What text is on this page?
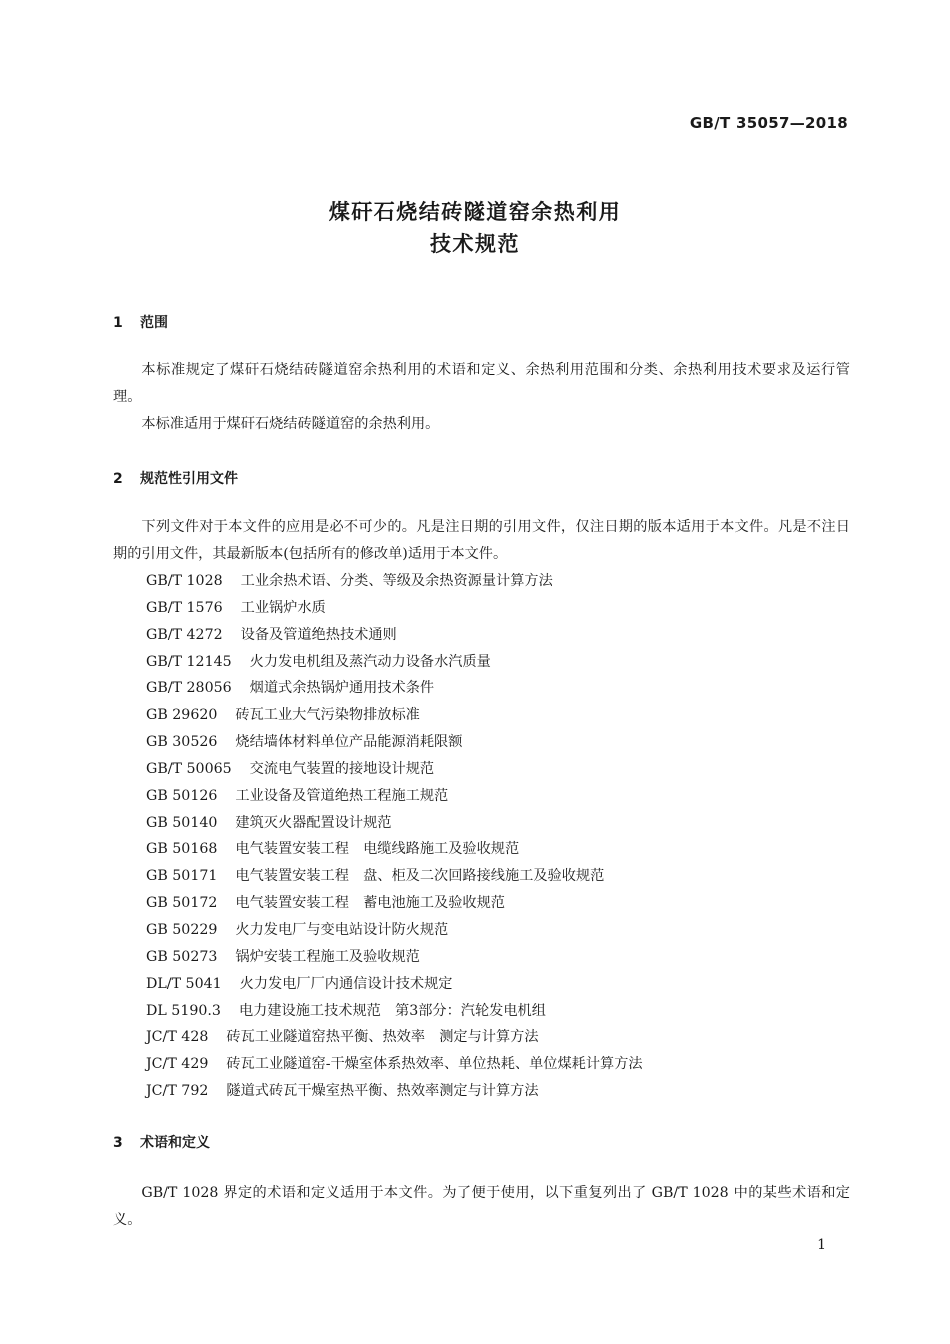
GB/T 35057—2018
煤矸石烧结砖隧道窑余热利用
技术规范
1 范围

本标准规定了煤矸石烧结砖隧道窑余热利用的术语和定义、余热利用范围和分类、余热利用技术要求及运行管理。

本标准适用于煤矸石烧结砖隧道窑的余热利用。

2 规范性引用文件

下列文件对于本文件的应用是必不可少的。凡是注日期的引用文件，仅注日期的版本适用于本文件。凡是不注日期的引用文件，其最新版本(包括所有的修改单)适用于本文件。

GB/T 1028 工业余热术语、分类、等级及余热资源量计算方法
GB/T 1576 工业锅炉水质
GB/T 4272 设备及管道绝热技术通则
GB/T 12145 火力发电机组及蒸汽动力设备水汽质量
GB/T 28056 烟道式余热锅炉通用技术条件
GB 29620 砖瓦工业大气污染物排放标准
GB 30526 烧结墙体材料单位产品能源消耗限额
GB/T 50065 交流电气装置的接地设计规范
GB 50126 工业设备及管道绝热工程施工规范
GB 50140 建筑灭火器配置设计规范
GB 50168 电气装置安装工程　电缆线路施工及验收规范
GB 50171 电气装置安装工程　盘、柜及二次回路接线施工及验收规范
GB 50172 电气装置安装工程　蓄电池施工及验收规范
GB 50229 火力发电厂与变电站设计防火规范
GB 50273 锅炉安装工程施工及验收规范
DL/T 5041 火力发电厂厂内通信设计技术规定
DL 5190.3 电力建设施工技术规范　第3部分：汽轮发电机组
JC/T 428 砖瓦工业隧道窑热平衡、热效率　测定与计算方法
JC/T 429 砖瓦工业隧道窑-干燥室体系热效率、单位热耗、单位煤耗计算方法
JC/T 792 隧道式砖瓦干燥室热平衡、热效率测定与计算方法
3 术语和定义

GB/T 1028 界定的术语和定义适用于本文件。为了便于使用，以下重复列出了 GB/T 1028 中的某些术语和定义。

1
